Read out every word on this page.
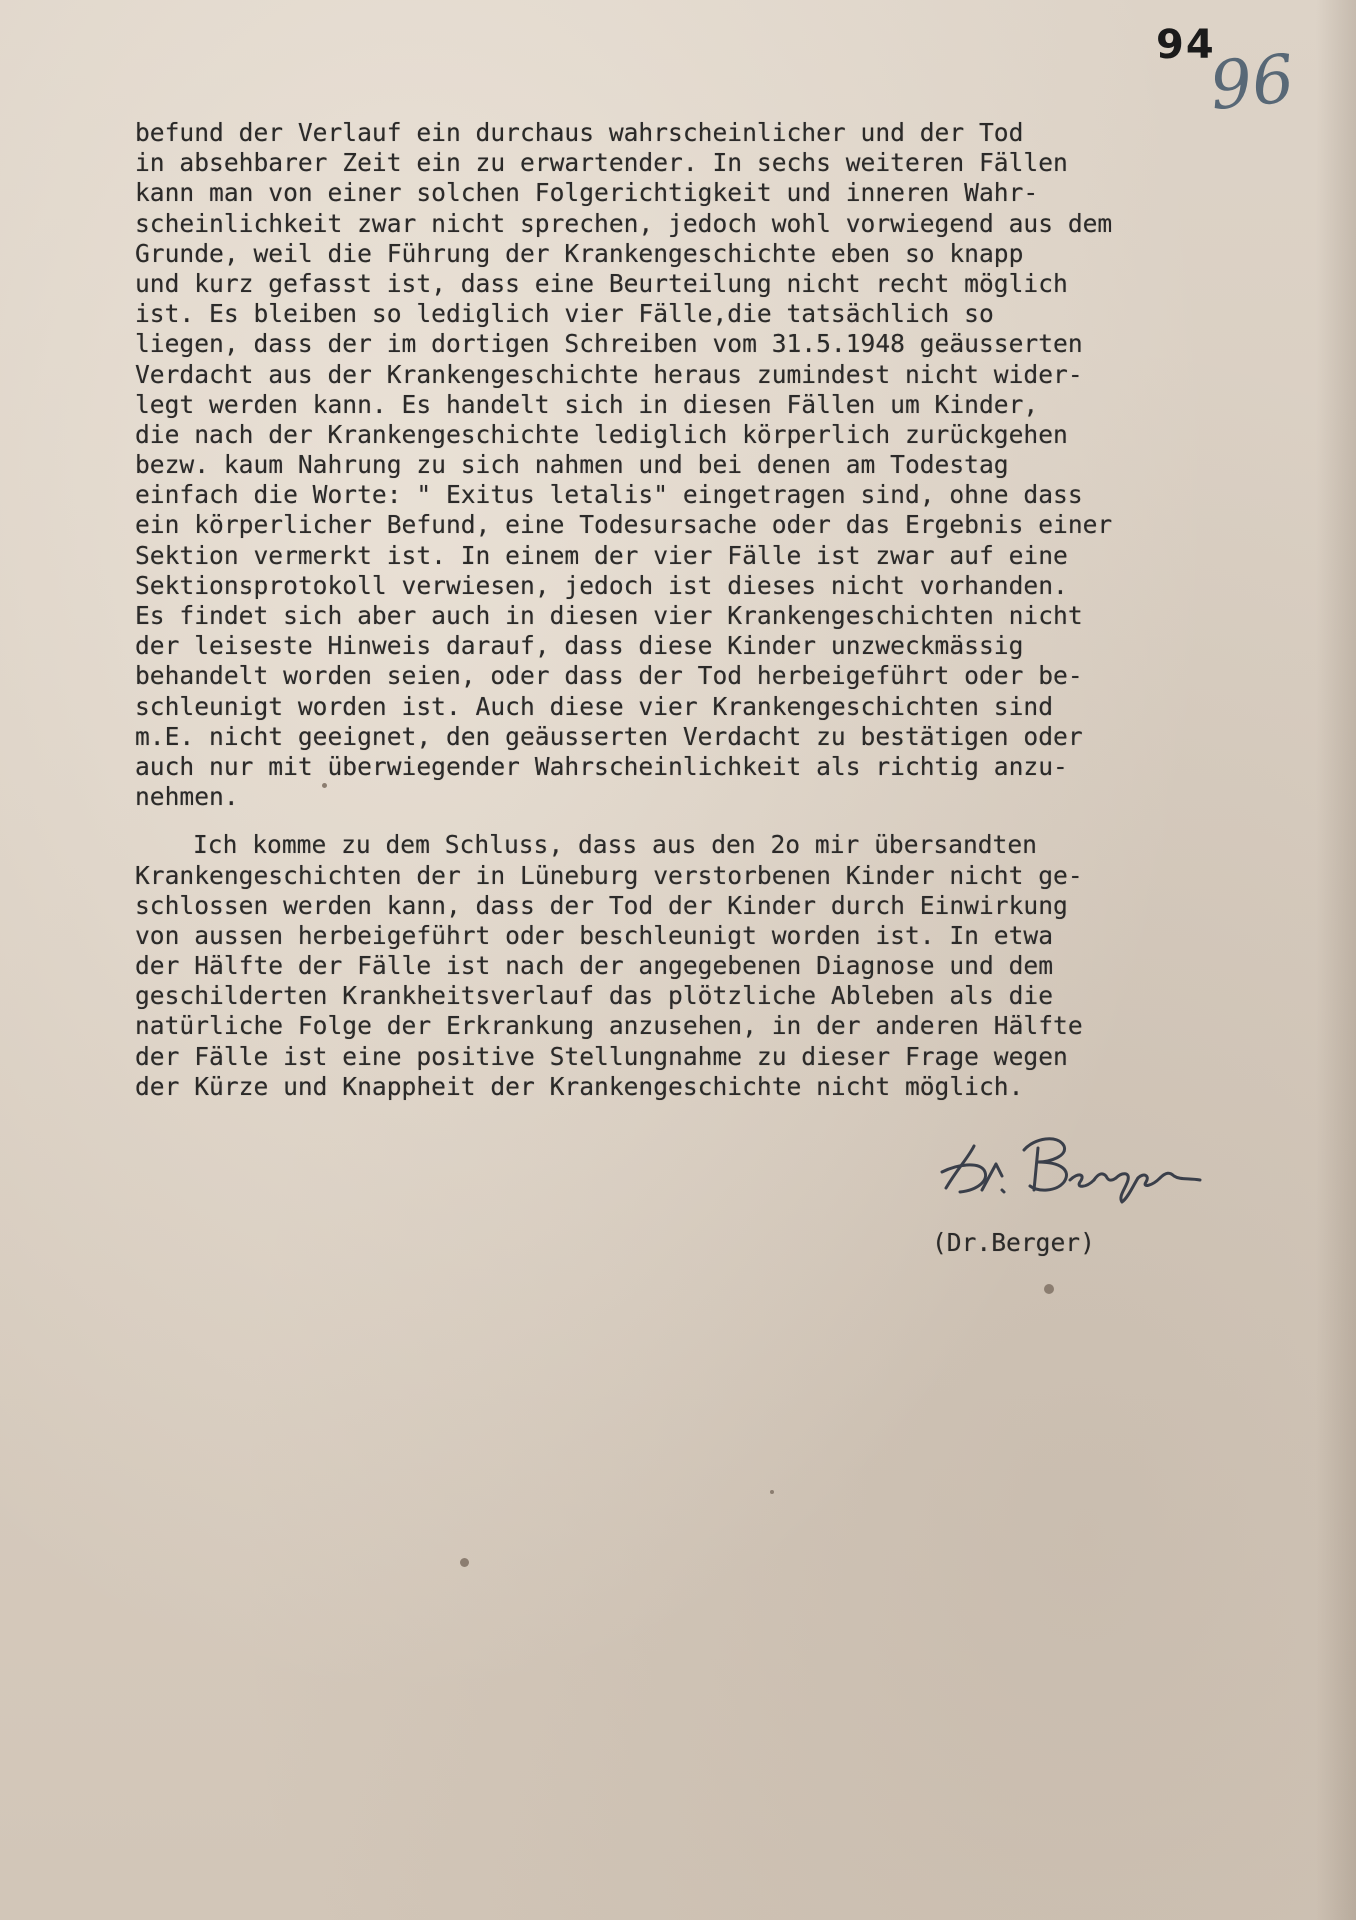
94
96
befund der Verlauf ein durchaus wahrscheinlicher und der Tod
in absehbarer Zeit ein zu erwartender. In sechs weiteren Fällen
kann man von einer solchen Folgerichtigkeit und inneren Wahr-
scheinlichkeit zwar nicht sprechen, jedoch wohl vorwiegend aus dem
Grunde, weil die Führung der Krankengeschichte eben so knapp
und kurz gefasst ist, dass eine Beurteilung nicht recht möglich
ist. Es bleiben so lediglich vier Fälle,die tatsächlich so
liegen, dass der im dortigen Schreiben vom 31.5.1948 geäusserten
Verdacht aus der Krankengeschichte heraus zumindest nicht wider-
legt werden kann. Es handelt sich in diesen Fällen um Kinder,
die nach der Krankengeschichte lediglich körperlich zurückgehen
bezw. kaum Nahrung zu sich nahmen und bei denen am Todestag
einfach die Worte: " Exitus letalis" eingetragen sind, ohne dass
ein körperlicher Befund, eine Todesursache oder das Ergebnis einer
Sektion vermerkt ist. In einem der vier Fälle ist zwar auf eine
Sektionsprotokoll verwiesen, jedoch ist dieses nicht vorhanden.
Es findet sich aber auch in diesen vier Krankengeschichten nicht
der leiseste Hinweis darauf, dass diese Kinder unzweckmässig
behandelt worden seien, oder dass der Tod herbeigeführt oder be-
schleunigt worden ist. Auch diese vier Krankengeschichten sind
m.E. nicht geeignet, den geäusserten Verdacht zu bestätigen oder
auch nur mit überwiegender Wahrscheinlichkeit als richtig anzu-
nehmen.
Ich komme zu dem Schluss, dass aus den 2o mir übersandten
Krankengeschichten der in Lüneburg verstorbenen Kinder nicht ge-
schlossen werden kann, dass der Tod der Kinder durch Einwirkung
von aussen herbeigeführt oder beschleunigt worden ist. In etwa
der Hälfte der Fälle ist nach der angegebenen Diagnose und dem
geschilderten Krankheitsverlauf das plötzliche Ableben als die
natürliche Folge der Erkrankung anzusehen, in der anderen Hälfte
der Fälle ist eine positive Stellungnahme zu dieser Frage wegen
der Kürze und Knappheit der Krankengeschichte nicht möglich.
(Dr.Berger)
